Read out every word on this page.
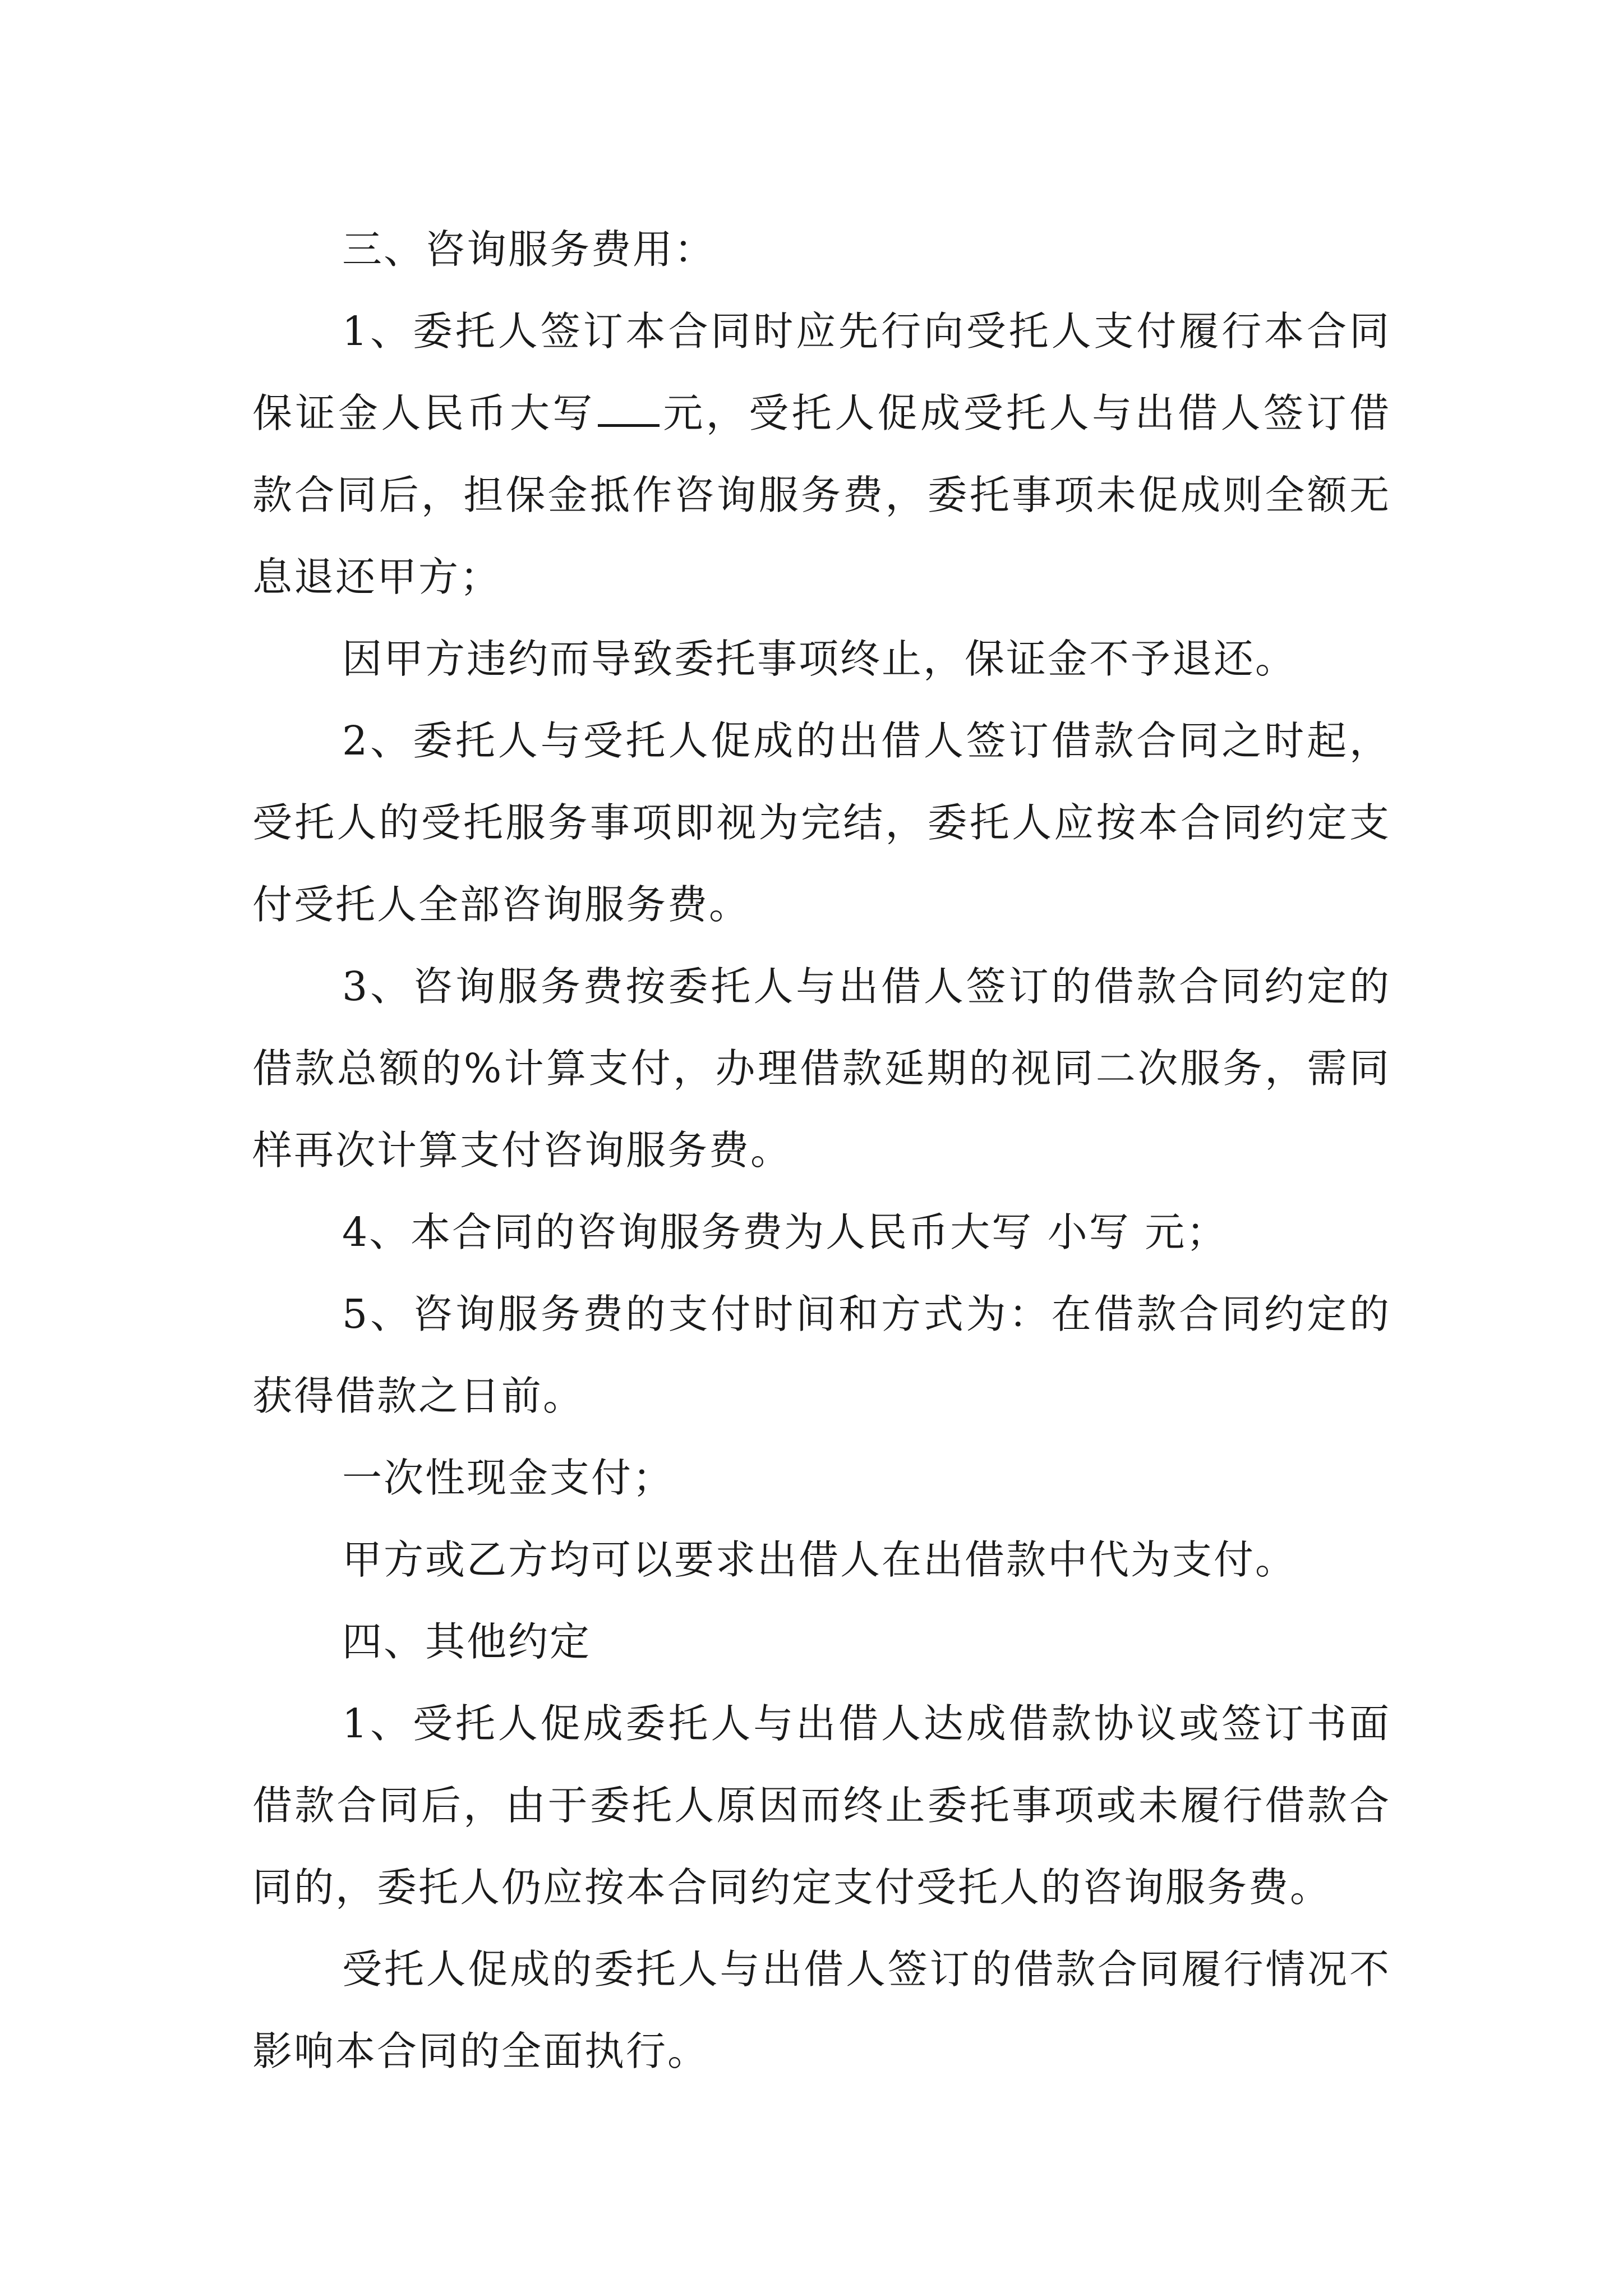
三、咨询服务费用：

1、委托人签订本合同时应先行向受托人支付履行本合同保证金人民币大写 元，受托人促成受托人与出借人签订借款合同后，担保金抵作咨询服务费，委托事项未促成则全额无息退还甲方；

因甲方违约而导致委托事项终止，保证金不予退还。

2、委托人与受托人促成的出借人签订借款合同之时起，受托人的受托服务事项即视为完结，委托人应按本合同约定支付受托人全部咨询服务费。

3、咨询服务费按委托人与出借人签订的借款合同约定的借款总额的%计算支付，办理借款延期的视同二次服务，需同样再次计算支付咨询服务费。

4、本合同的咨询服务费为人民币大写 小写 元；

5、咨询服务费的支付时间和方式为：在借款合同约定的获得借款之日前。

一次性现金支付；

甲方或乙方均可以要求出借人在出借款中代为支付。

四、其他约定

1、受托人促成委托人与出借人达成借款协议或签订书面借款合同后，由于委托人原因而终止委托事项或未履行借款合同的，委托人仍应按本合同约定支付受托人的咨询服务费。

受托人促成的委托人与出借人签订的借款合同履行情况不影响本合同的全面执行。
